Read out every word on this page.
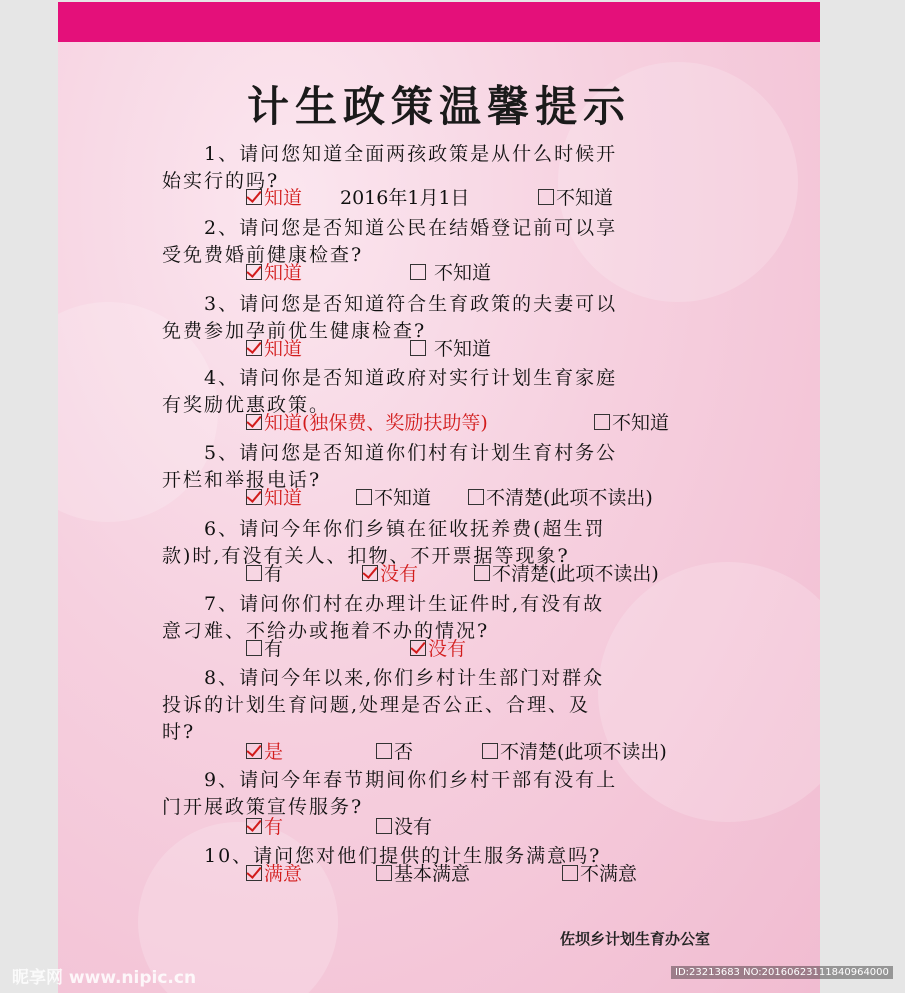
计生政策温馨提示
佐坝乡计划生育办公室
1、请问您知道全面两孩政策是从什么时候开
始实行的吗?
知道 2016年1月1日	不知道
2、请问您是否知道公民在结婚登记前可以享
受免费婚前健康检查?
知道	不知道
3、请问您是否知道符合生育政策的夫妻可以
免费参加孕前优生健康检查?
知道	不知道
4、请问你是否知道政府对实行计划生育家庭
有奖励优惠政策。
知道(独保费、奖励扶助等)	不知道
5、请问您是否知道你们村有计划生育村务公
开栏和举报电话?
知道	不知道	不清楚(此项不读出)
6、请问今年你们乡镇在征收抚养费(超生罚
款)时,有没有关人、扣物、不开票据等现象?
有	没有	不清楚(此项不读出)
7、请问你们村在办理计生证件时,有没有故
意刁难、不给办或拖着不办的情况?
有	没有
8、请问今年以来,你们乡村计生部门对群众
投诉的计划生育问题,处理是否公正、合理、及
时?
是	否	不清楚(此项不读出)
9、请问今年春节期间你们乡村干部有没有上
门开展政策宣传服务?
有	没有
10、请问您对他们提供的计生服务满意吗?
满意	基本满意	不满意
昵享网 www.nipic.cn	ID:23213683 NO:20160623111840964000
